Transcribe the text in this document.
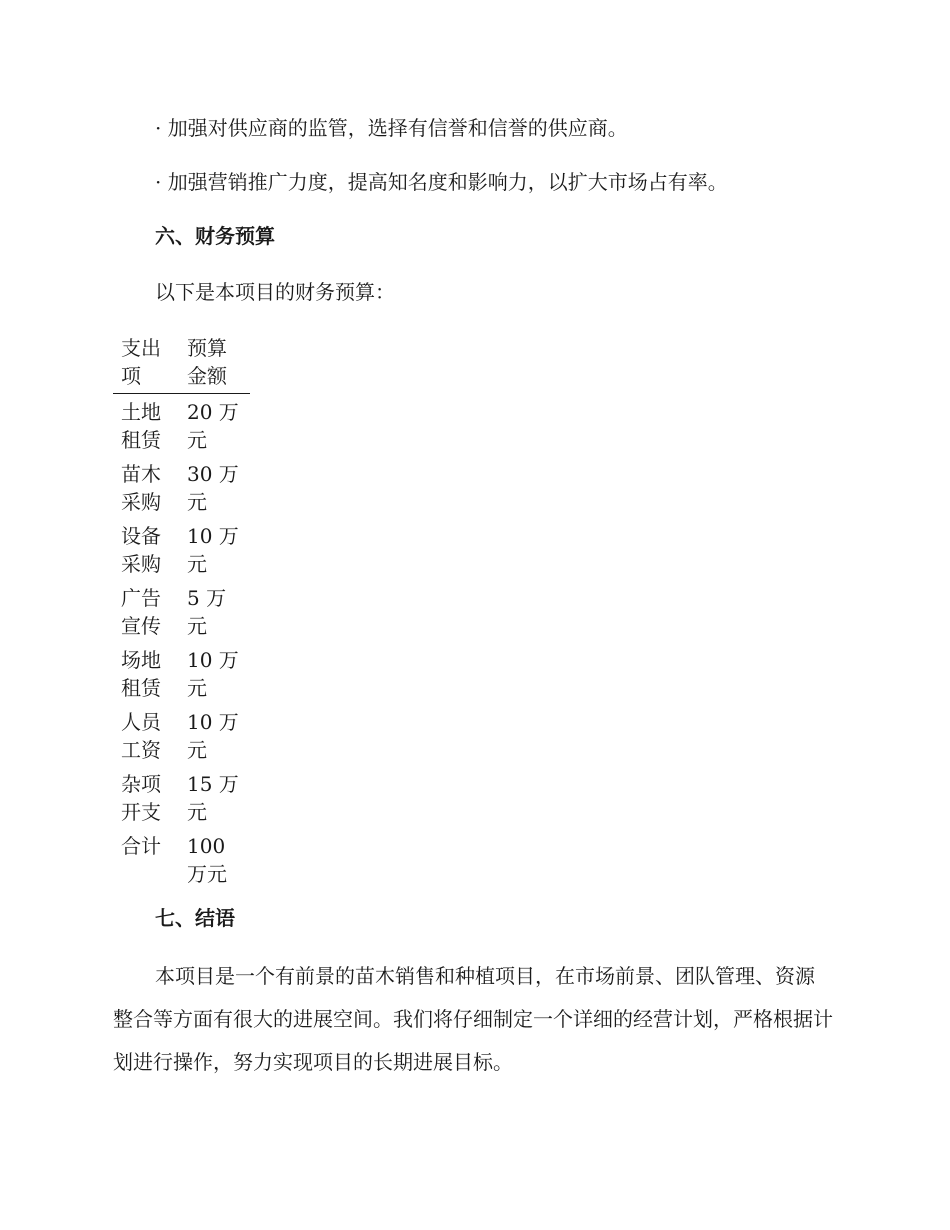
· 加强对供应商的监管，选择有信誉和信誉的供应商。

· 加强营销推广力度，提高知名度和影响力，以扩大市场占有率。

六、财务预算

以下是本项目的财务预算：

支出项	预算金额

土地租赁	20 万元

苗木采购	30 万元

设备采购	10 万元

广告宣传	5 万元

场地租赁	10 万元

人员工资	10 万元

杂项开支	15 万元

合计	100 万元
七、结语

本项目是一个有前景的苗木销售和种植项目，在市场前景、团队管理、资源整合等方面有很大的进展空间。我们将仔细制定一个详细的经营计划，严格根据计划进行操作，努力实现项目的长期进展目标。
